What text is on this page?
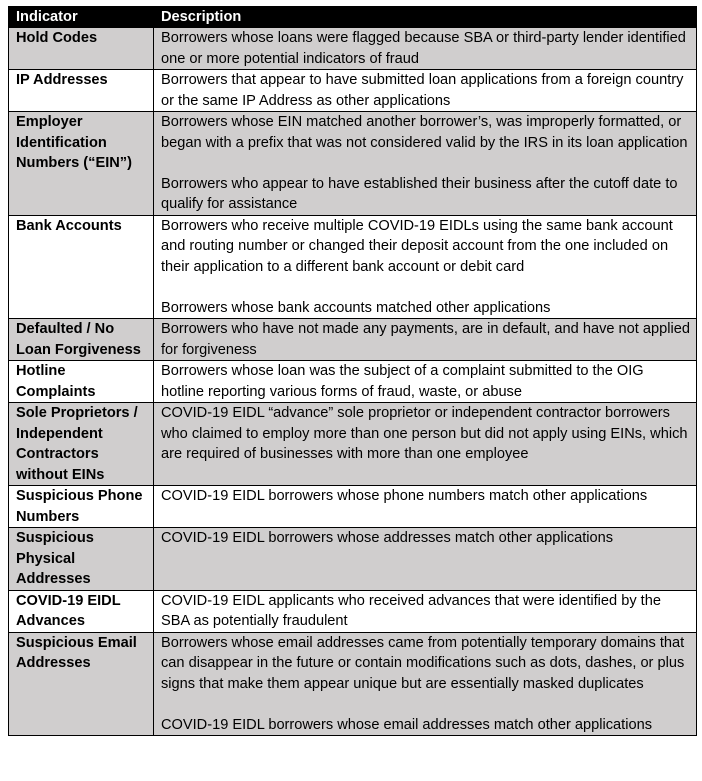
Indicator	Description
Hold Codes	Borrowers whose loans were flagged because SBA or third-party lender identified one or more potential indicators of fraud

IP Addresses	Borrowers that appear to have submitted loan applications from a foreign country or the same IP Address as other applications

Employer Identification Numbers (“EIN”)	Borrowers whose EIN matched another borrower’s, was improperly formatted, or began with a prefix that was not considered valid by the IRS in its loan application
Borrowers who appear to have established their business after the cutoff date to qualify for assistance

Bank Accounts	Borrowers who receive multiple COVID-19 EIDLs using the same bank account and routing number or changed their deposit account from the one included on their application to a different bank account or debit card
Borrowers whose bank accounts matched other applications

Defaulted / No Loan Forgiveness	Borrowers who have not made any payments, are in default, and have not applied for forgiveness

Hotline Complaints	Borrowers whose loan was the subject of a complaint submitted to the OIG hotline reporting various forms of fraud, waste, or abuse

Sole Proprietors / Independent Contractors without EINs	COVID-19 EIDL “advance” sole proprietor or independent contractor borrowers who claimed to employ more than one person but did not apply using EINs, which are required of businesses with more than one employee

Suspicious Phone Numbers	COVID-19 EIDL borrowers whose phone numbers match other applications

Suspicious Physical Addresses	COVID-19 EIDL borrowers whose addresses match other applications

COVID-19 EIDL Advances	COVID-19 EIDL applicants who received advances that were identified by the SBA as potentially fraudulent

Suspicious Email Addresses	Borrowers whose email addresses came from potentially temporary domains that can disappear in the future or contain modifications such as dots, dashes, or plus signs that make them appear unique but are essentially masked duplicates
COVID-19 EIDL borrowers whose email addresses match other applications
